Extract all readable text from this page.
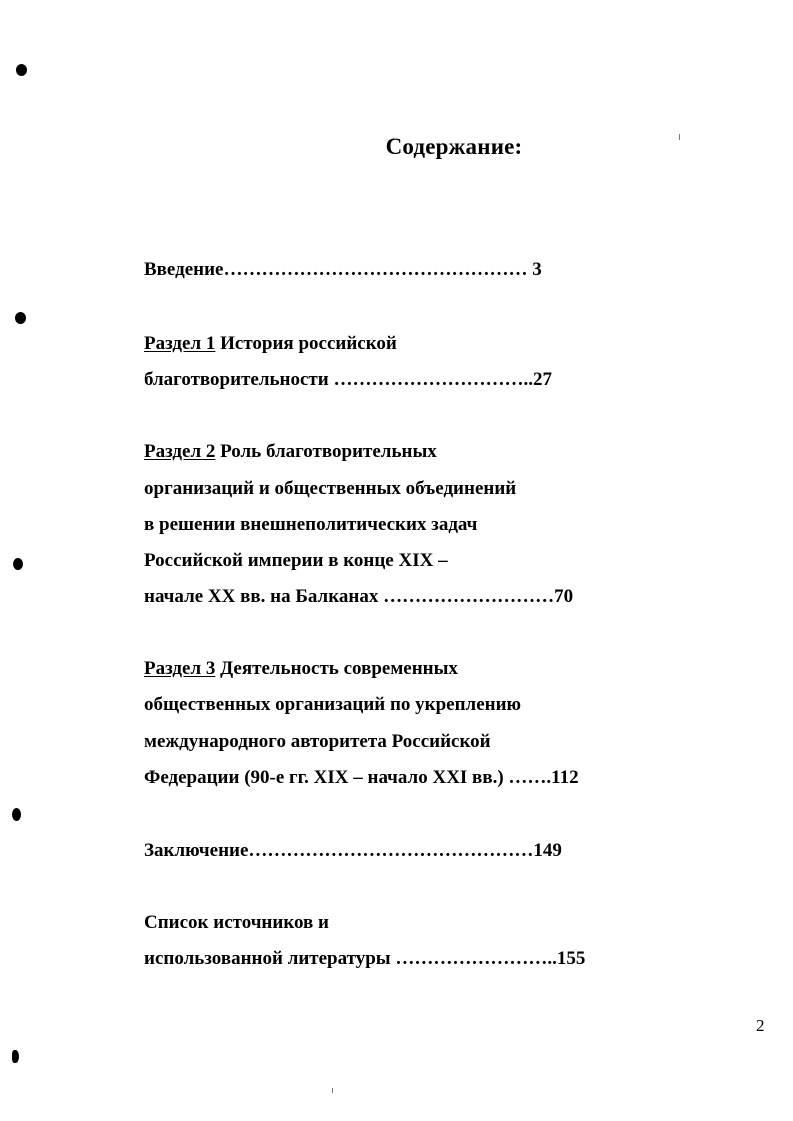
Содержание:
Введение………………………………………… 3
Раздел 1 История российской
благотворительности …………………………..27
Раздел 2 Роль благотворительных
организаций и общественных объединений
в решении внешнеполитических задач
Российской империи в конце XIX –
начале XX вв. на Балканах ………………………70
Раздел 3 Деятельность современных
общественных организаций по укреплению
международного авторитета Российской
Федерации (90-е гг. XIX – начало XXI вв.) …….112
Заключение………………………………………149
Список источников и
использованной литературы ……………………..155
2
